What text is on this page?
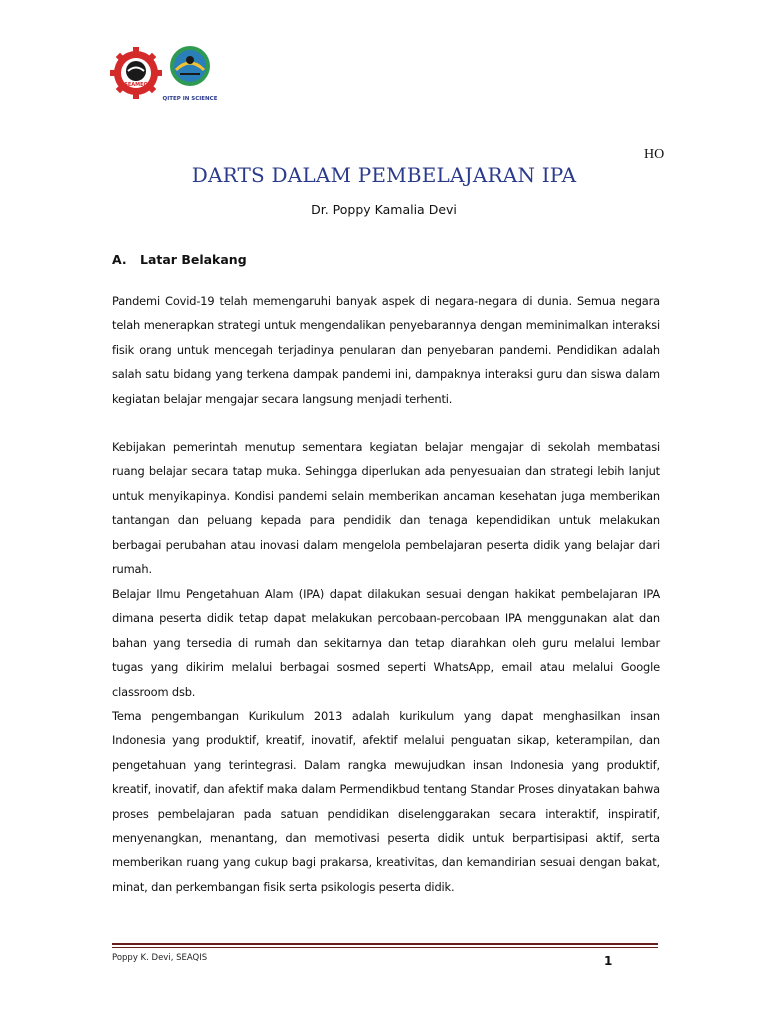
SEAMEO
QITEP IN SCIENCE
HO
DARTS DALAM PEMBELAJARAN IPA
Dr. Poppy Kamalia Devi
A. Latar Belakang
Pandemi Covid-19 telah memengaruhi banyak aspek di negara-negara di dunia. Semua negara telah menerapkan strategi untuk mengendalikan penyebarannya dengan meminimalkan interaksi fisik orang untuk mencegah terjadinya penularan dan penyebaran pandemi. Pendidikan adalah salah satu bidang yang terkena dampak pandemi ini, dampaknya interaksi guru dan siswa dalam kegiatan belajar mengajar secara langsung menjadi terhenti.
Kebijakan pemerintah menutup sementara kegiatan belajar mengajar di sekolah membatasi ruang belajar secara tatap muka. Sehingga diperlukan ada penyesuaian dan strategi lebih lanjut untuk menyikapinya. Kondisi pandemi selain memberikan ancaman kesehatan juga memberikan tantangan dan peluang kepada para pendidik dan tenaga kependidikan untuk melakukan berbagai perubahan atau inovasi dalam mengelola pembelajaran peserta didik yang belajar dari rumah.
Belajar Ilmu Pengetahuan Alam (IPA) dapat dilakukan sesuai dengan hakikat pembelajaran IPA dimana peserta didik tetap dapat melakukan percobaan-percobaan IPA menggunakan alat dan bahan yang tersedia di rumah dan sekitarnya dan tetap diarahkan oleh guru melalui lembar tugas yang dikirim melalui berbagai sosmed seperti WhatsApp, email atau melalui Google classroom dsb.
Tema pengembangan Kurikulum 2013 adalah kurikulum yang dapat menghasilkan insan Indonesia yang produktif, kreatif, inovatif, afektif melalui penguatan sikap, keterampilan, dan pengetahuan yang terintegrasi. Dalam rangka mewujudkan insan Indonesia yang produktif, kreatif, inovatif, dan afektif maka dalam Permendikbud tentang Standar Proses dinyatakan bahwa proses pembelajaran pada satuan pendidikan diselenggarakan secara interaktif, inspiratif, menyenangkan, menantang, dan memotivasi peserta didik untuk berpartisipasi aktif, serta memberikan ruang yang cukup bagi prakarsa, kreativitas, dan kemandirian sesuai dengan bakat, minat, dan perkembangan fisik serta psikologis peserta didik.
Poppy K. Devi, SEAQIS	1
